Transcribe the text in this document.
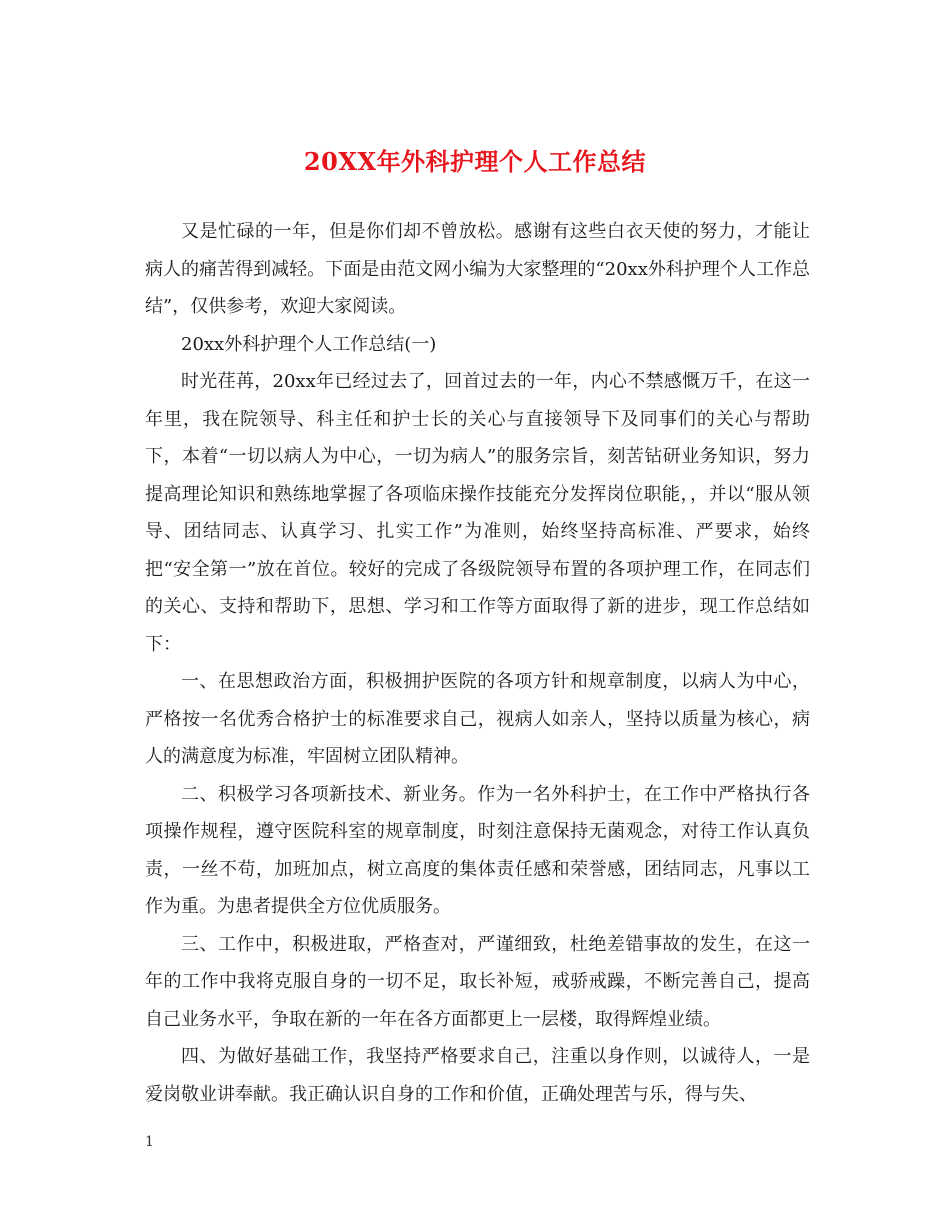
20XX年外科护理个人工作总结

又是忙碌的一年，但是你们却不曾放松。感谢有这些白衣天使的努力，才能让病人的痛苦得到减轻。下面是由范文网小编为大家整理的“20xx外科护理个人工作总结”，仅供参考，欢迎大家阅读。

20xx外科护理个人工作总结(一)

时光荏苒，20xx年已经过去了，回首过去的一年，内心不禁感慨万千，在这一年里，我在院领导、科主任和护士长的关心与直接领导下及同事们的关心与帮助下，本着“一切以病人为中心，一切为病人”的服务宗旨，刻苦钻研业务知识，努力提高理论知识和熟练地掌握了各项临床操作技能充分发挥岗位职能，，并以“服从领导、团结同志、认真学习、扎实工作”为准则，始终坚持高标准、严要求，始终把“安全第一”放在首位。较好的完成了各级院领导布置的各项护理工作，在同志们的关心、支持和帮助下，思想、学习和工作等方面取得了新的进步，现工作总结如下：

一、在思想政治方面，积极拥护医院的各项方针和规章制度，以病人为中心，严格按一名优秀合格护士的标准要求自己，视病人如亲人，坚持以质量为核心，病人的满意度为标准，牢固树立团队精神。

二、积极学习各项新技术、新业务。作为一名外科护士，在工作中严格执行各项操作规程，遵守医院科室的规章制度，时刻注意保持无菌观念，对待工作认真负责，一丝不苟，加班加点，树立高度的集体责任感和荣誉感，团结同志，凡事以工作为重。为患者提供全方位优质服务。

三、工作中，积极进取，严格查对，严谨细致，杜绝差错事故的发生，在这一年的工作中我将克服自身的一切不足，取长补短，戒骄戒躁，不断完善自己，提高自己业务水平，争取在新的一年在各方面都更上一层楼，取得辉煌业绩。

四、为做好基础工作，我坚持严格要求自己，注重以身作则，以诚待人，一是爱岗敬业讲奉献。我正确认识自身的工作和价值，正确处理苦与乐，得与失、

1
